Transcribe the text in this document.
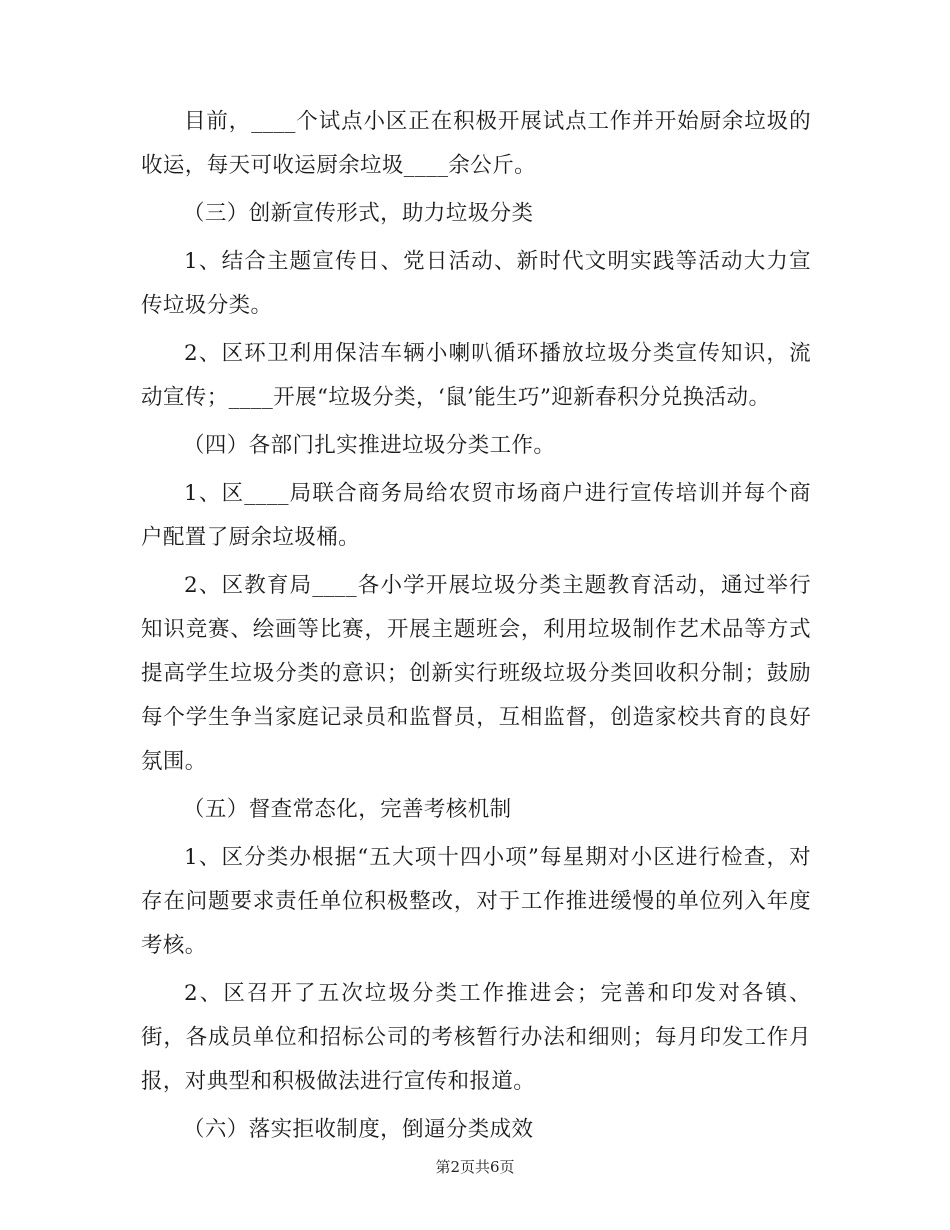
目前，____个试点小区正在积极开展试点工作并开始厨余垃圾的收运，每天可收运厨余垃圾____余公斤。

（三）创新宣传形式，助力垃圾分类

1、结合主题宣传日、党日活动、新时代文明实践等活动大力宣传垃圾分类。

2、区环卫利用保洁车辆小喇叭循环播放垃圾分类宣传知识，流动宣传；____开展“垃圾分类，‘鼠’能生巧”迎新春积分兑换活动。

（四）各部门扎实推进垃圾分类工作。

1、区____局联合商务局给农贸市场商户进行宣传培训并每个商户配置了厨余垃圾桶。

2、区教育局____各小学开展垃圾分类主题教育活动，通过举行知识竞赛、绘画等比赛，开展主题班会，利用垃圾制作艺术品等方式提高学生垃圾分类的意识；创新实行班级垃圾分类回收积分制；鼓励每个学生争当家庭记录员和监督员，互相监督，创造家校共育的良好氛围。

（五）督查常态化，完善考核机制

1、区分类办根据“五大项十四小项”每星期对小区进行检查，对存在问题要求责任单位积极整改，对于工作推进缓慢的单位列入年度考核。

2、区召开了五次垃圾分类工作推进会；完善和印发对各镇、街，各成员单位和招标公司的考核暂行办法和细则；每月印发工作月报，对典型和积极做法进行宣传和报道。

（六）落实拒收制度，倒逼分类成效

第2页共6页
